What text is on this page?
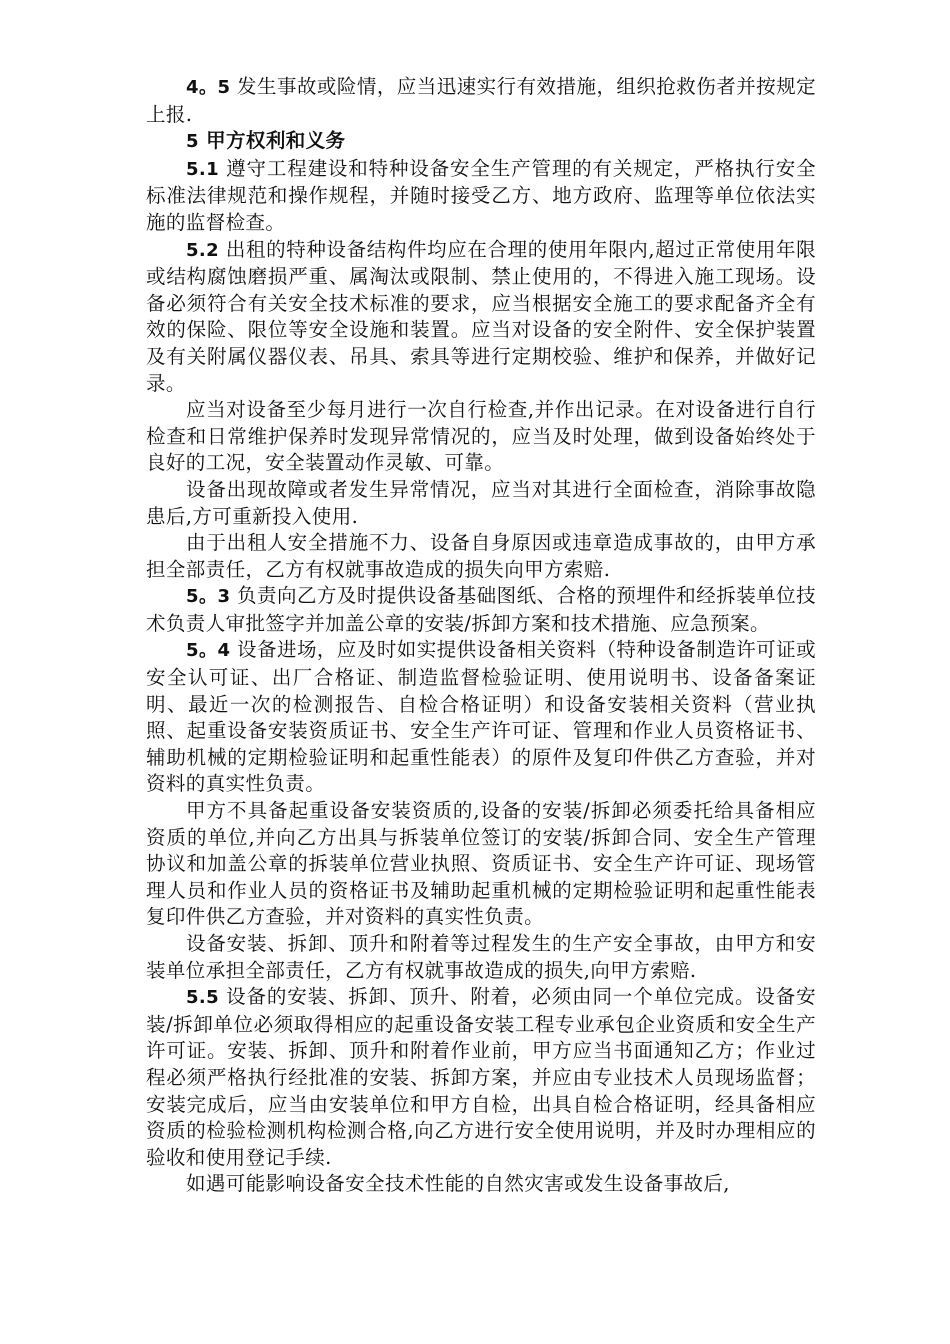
4。5 发生事故或险情，应当迅速实行有效措施，组织抢救伤者并按规定上报.

5 甲方权利和义务

5.1 遵守工程建设和特种设备安全生产管理的有关规定，严格执行安全标准法律规范和操作规程，并随时接受乙方、地方政府、监理等单位依法实施的监督检查。

5.2 出租的特种设备结构件均应在合理的使用年限内,超过正常使用年限或结构腐蚀磨损严重、属淘汰或限制、禁止使用的，不得进入施工现场。设备必须符合有关安全技术标准的要求，应当根据安全施工的要求配备齐全有效的保险、限位等安全设施和装置。应当对设备的安全附件、安全保护装置及有关附属仪器仪表、吊具、索具等进行定期校验、维护和保养，并做好记录。

应当对设备至少每月进行一次自行检查,并作出记录。在对设备进行自行检查和日常维护保养时发现异常情况的，应当及时处理，做到设备始终处于良好的工况，安全装置动作灵敏、可靠。

设备出现故障或者发生异常情况，应当对其进行全面检查，消除事故隐患后,方可重新投入使用.

由于出租人安全措施不力、设备自身原因或违章造成事故的，由甲方承担全部责任，乙方有权就事故造成的损失向甲方索赔.

5。3 负责向乙方及时提供设备基础图纸、合格的预埋件和经拆装单位技术负责人审批签字并加盖公章的安装/拆卸方案和技术措施、应急预案。

5。4 设备进场，应及时如实提供设备相关资料（特种设备制造许可证或安全认可证、出厂合格证、制造监督检验证明、使用说明书、设备备案证明、最近一次的检测报告、自检合格证明）和设备安装相关资料（营业执照、起重设备安装资质证书、安全生产许可证、管理和作业人员资格证书、辅助机械的定期检验证明和起重性能表）的原件及复印件供乙方查验，并对资料的真实性负责。

甲方不具备起重设备安装资质的,设备的安装/拆卸必须委托给具备相应资质的单位,并向乙方出具与拆装单位签订的安装/拆卸合同、安全生产管理协议和加盖公章的拆装单位营业执照、资质证书、安全生产许可证、现场管理人员和作业人员的资格证书及辅助起重机械的定期检验证明和起重性能表复印件供乙方查验，并对资料的真实性负责。

设备安装、拆卸、顶升和附着等过程发生的生产安全事故，由甲方和安装单位承担全部责任，乙方有权就事故造成的损失,向甲方索赔.

5.5 设备的安装、拆卸、顶升、附着，必须由同一个单位完成。设备安装/拆卸单位必须取得相应的起重设备安装工程专业承包企业资质和安全生产许可证。安装、拆卸、顶升和附着作业前，甲方应当书面通知乙方；作业过程必须严格执行经批准的安装、拆卸方案，并应由专业技术人员现场监督；安装完成后，应当由安装单位和甲方自检，出具自检合格证明，经具备相应资质的检验检测机构检测合格,向乙方进行安全使用说明，并及时办理相应的验收和使用登记手续.

如遇可能影响设备安全技术性能的自然灾害或发生设备事故后,
